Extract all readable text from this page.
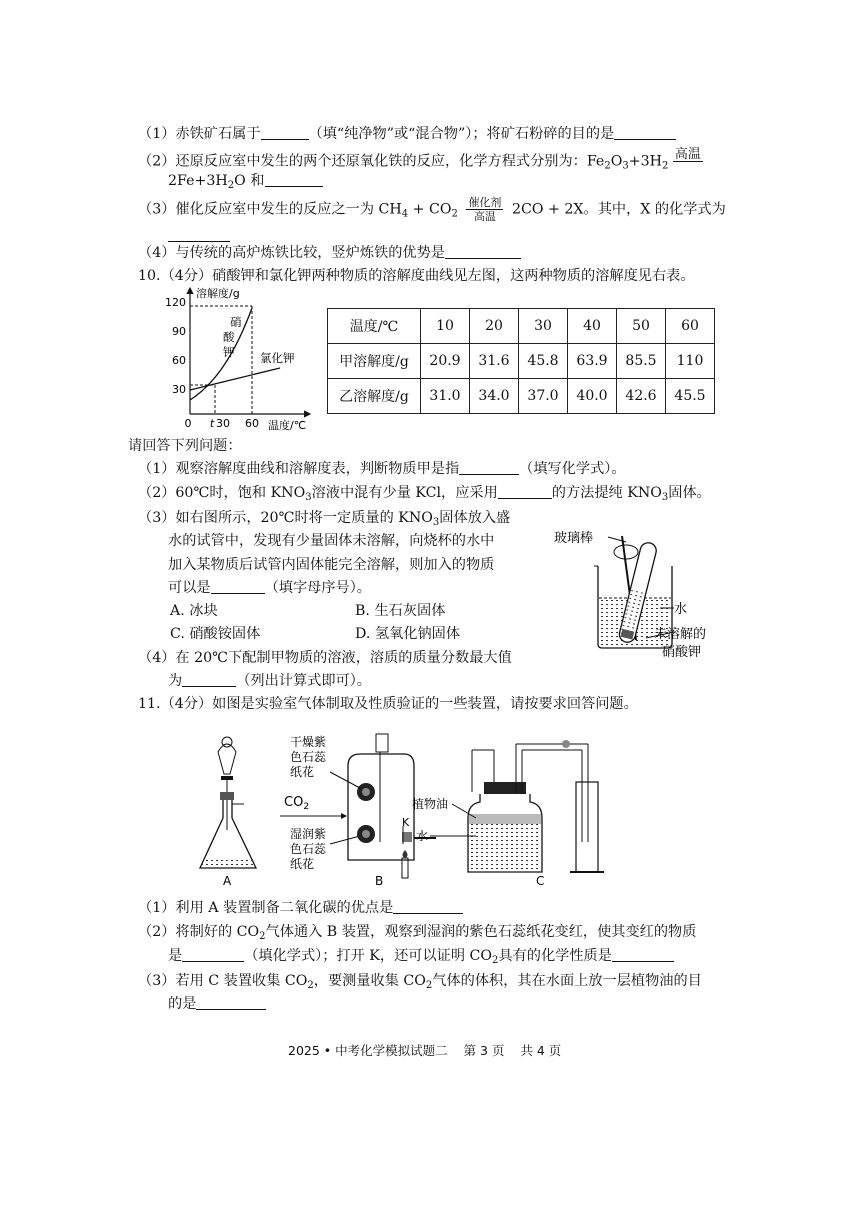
（1）赤铁矿石属于	（填“纯净物”或“混合物”）；将矿石粉碎的目的是
（2）还原反应室中发生的两个还原氧化铁的反应，化学方程式分别为：$Fe_2O_3+3H_2$
高温

$2Fe+3H_2O$ 和
（3）催化反应室中发生的反应之一为 $CH_4 + CO_2$
催化剂
高温	2CO + 2X。其中，X 的化学式为
（4）与传统的高炉炼铁比较，竖炉炼铁的优势是
10.（4分）硝酸钾和氯化钾两种物质的溶解度曲线见左图，这两种物质的溶解度见右表。
溶解度/g
温度/℃
120
90
60
30
0 t 30 60
硝
酸
钾 氯化钾
温度/℃	10	20	30	40	50	60
甲溶解度/g	20.9	31.6	45.8	63.9	85.5	110
乙溶解度/g	31.0	34.0	37.0	40.0	42.6	45.5
请回答下列问题：
（1）观察溶解度曲线和溶解度表，判断物质甲是指	（填写化学式）。
（2）60℃时，饱和 $KNO_3$溶液中混有少量 KCl，应采用	的方法提纯 $KNO_3$固体。
（3）如右图所示，20℃时将一定质量的 $KNO_3$固体放入盛
水的试管中，发现有少量固体未溶解，向烧杯的水中
加入某物质后试管内固体能完全溶解，则加入的物质
可以是	（填字母序号）。
A. 冰块	B. 生石灰固体
C. 硝酸铵固体	D. 氢氧化钠固体
（4）在 20℃下配制甲物质的溶液，溶质的质量分数最大值
为	（列出计算式即可）。
玻璃棒
水
未溶解的
硝酸钾
11.（4分）如图是实验室气体制取及性质验证的一些装置，请按要求回答问题。
A
干燥紫
色石蕊
纸花
$CO_2$
湿润紫
色石蕊
纸花
K
B
植物油
水
C
（1）利用 A 装置制备二氧化碳的优点是
（2）将制好的 $CO_2$气体通入 B 装置，观察到湿润的紫色石蕊纸花变红，使其变红的物质
是	（填化学式）；打开 K，还可以证明 $CO_2$具有的化学性质是
（3）若用 C 装置收集 $CO_2$，要测量收集 $CO_2$气体的体积，其在水面上放一层植物油的目
的是
2025 • 中考化学模拟试题二 第 3 页 共 4 页
